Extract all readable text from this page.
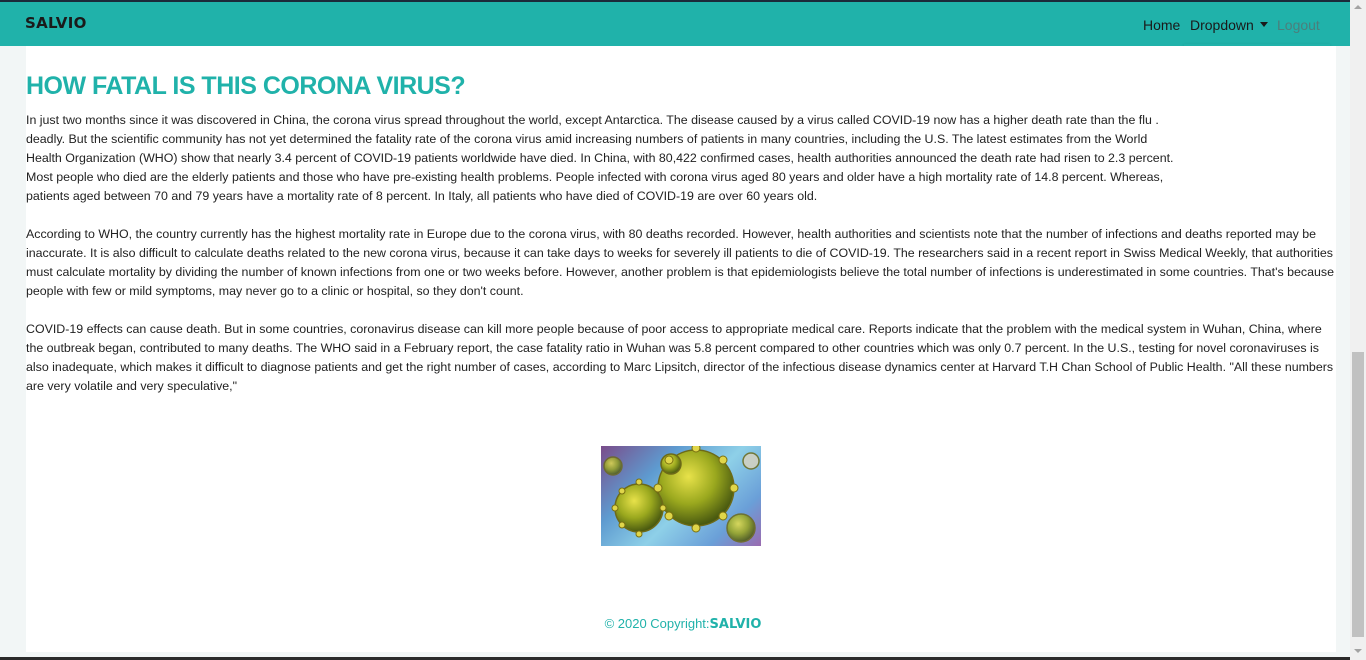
SALVIO	Home Dropdown	Logout
HOW FATAL IS THIS CORONA VIRUS?

In just two months since it was discovered in China, the corona virus spread throughout the world, except Antarctica. The disease caused by a virus called COVID-19 now has a higher death rate than the flu . deadly. But the scientific community has not yet determined the fatality rate of the corona virus amid increasing numbers of patients in many countries, including the U.S. The latest estimates from the World Health Organization (WHO) show that nearly 3.4 percent of COVID-19 patients worldwide have died. In China, with 80,422 confirmed cases, health authorities announced the death rate had risen to 2.3 percent. Most people who died are the elderly patients and those who have pre-existing health problems. People infected with corona virus aged 80 years and older have a high mortality rate of 14.8 percent. Whereas, patients aged between 70 and 79 years have a mortality rate of 8 percent. In Italy, all patients who have died of COVID-19 are over 60 years old.

According to WHO, the country currently has the highest mortality rate in Europe due to the corona virus, with 80 deaths recorded. However, health authorities and scientists note that the number of infections and deaths reported may be inaccurate. It is also difficult to calculate deaths related to the new corona virus, because it can take days to weeks for severely ill patients to die of COVID-19. The researchers said in a recent report in Swiss Medical Weekly, that authorities must calculate mortality by dividing the number of known infections from one or two weeks before. However, another problem is that epidemiologists believe the total number of infections is underestimated in some countries. That's because people with few or mild symptoms, may never go to a clinic or hospital, so they don't count.

COVID-19 effects can cause death. But in some countries, coronavirus disease can kill more people because of poor access to appropriate medical care. Reports indicate that the problem with the medical system in Wuhan, China, where the outbreak began, contributed to many deaths. The WHO said in a February report, the case fatality ratio in Wuhan was 5.8 percent compared to other countries which was only 0.7 percent. In the U.S., testing for novel coronaviruses is also inadequate, which makes it difficult to diagnose patients and get the right number of cases, according to Marc Lipsitch, director of the infectious disease dynamics center at Harvard T.H Chan School of Public Health. "All these numbers are very volatile and very speculative,"

© 2020 Copyright:SALVIO
